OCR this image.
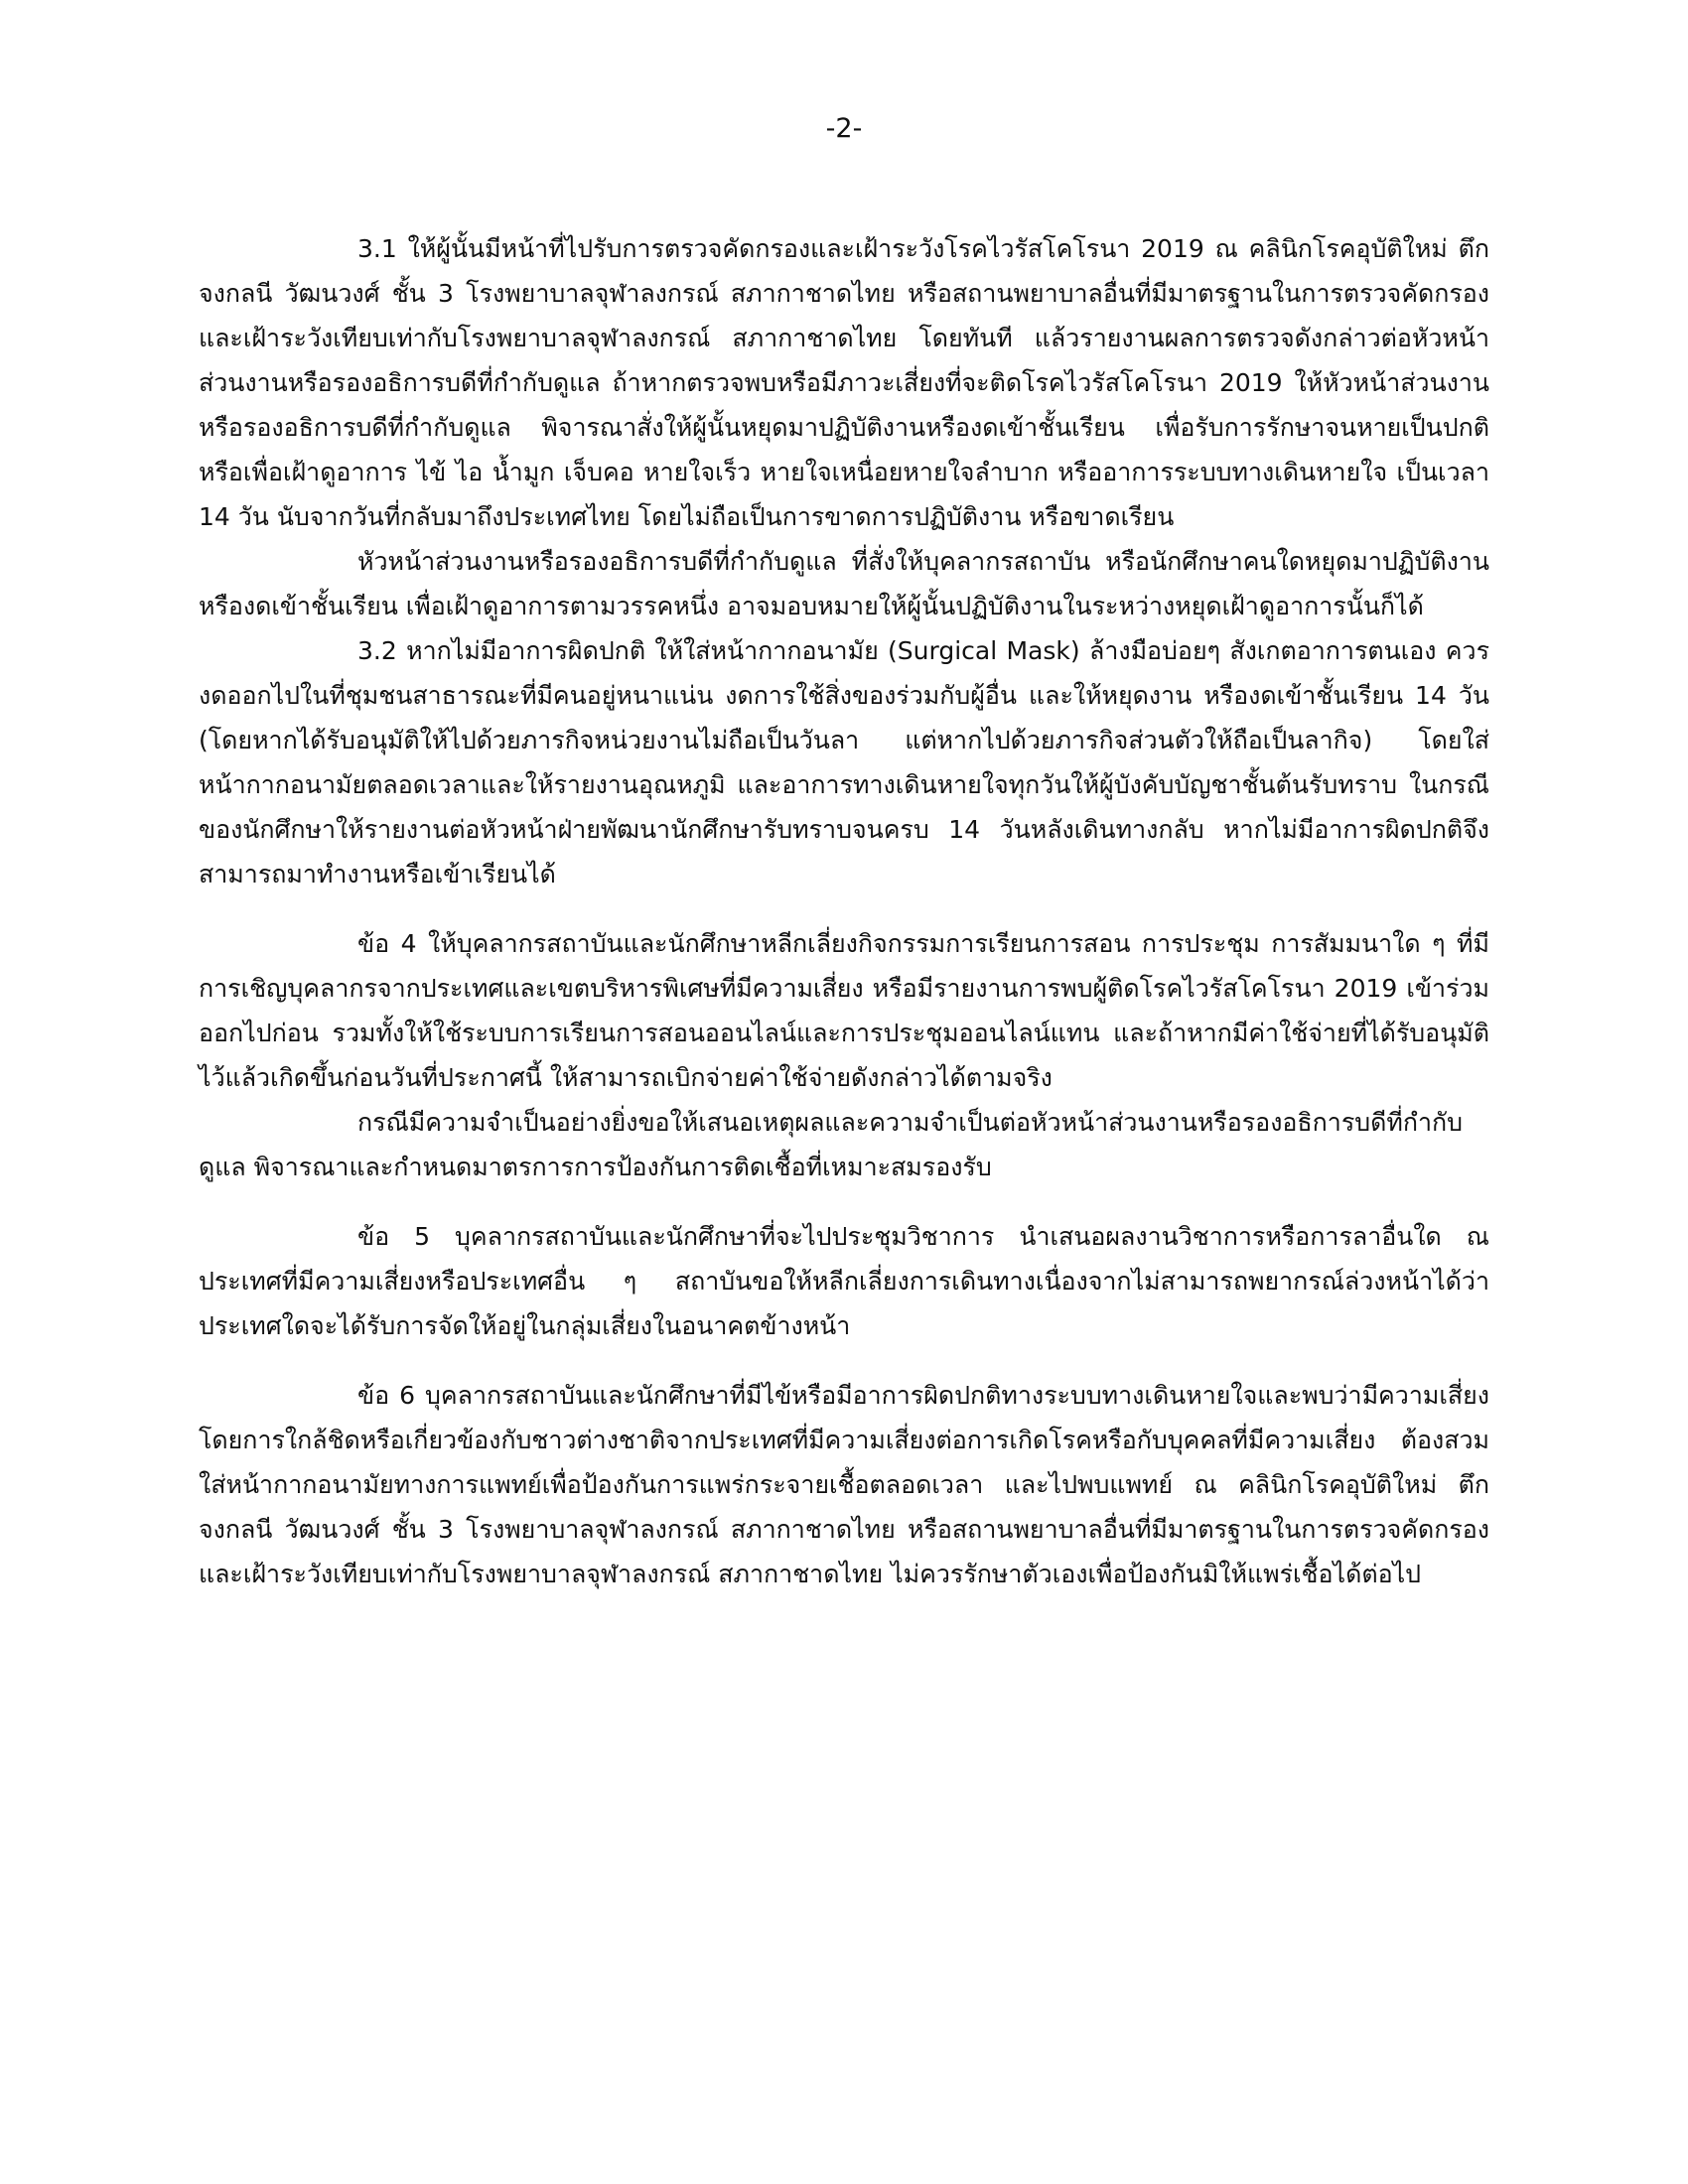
-2-

3.1 ให้ผู้นั้นมีหน้าที่ไปรับการตรวจคัดกรองและเฝ้าระวังโรคไวรัสโคโรนา 2019 ณ คลินิกโรคอุบัติใหม่ ตึกจงกลนี วัฒนวงศ์ ชั้น 3 โรงพยาบาลจุฬาลงกรณ์ สภากาชาดไทย หรือสถานพยาบาลอื่นที่มีมาตรฐานในการตรวจคัดกรองและเฝ้าระวังเทียบเท่ากับโรงพยาบาลจุฬาลงกรณ์ สภากาชาดไทย โดยทันที แล้วรายงานผลการตรวจดังกล่าวต่อหัวหน้าส่วนงานหรือรองอธิการบดีที่กำกับดูแล ถ้าหากตรวจพบหรือมีภาวะเสี่ยงที่จะติดโรคไวรัสโคโรนา 2019 ให้หัวหน้าส่วนงานหรือรองอธิการบดีที่กำกับดูแล พิจารณาสั่งให้ผู้นั้นหยุดมาปฏิบัติงานหรืองดเข้าชั้นเรียน เพื่อรับการรักษาจนหายเป็นปกติ หรือเพื่อเฝ้าดูอาการ ไข้ ไอ น้ำมูก เจ็บคอ หายใจเร็ว หายใจเหนื่อยหายใจลำบาก หรืออาการระบบทางเดินหายใจ เป็นเวลา 14 วัน นับจากวันที่กลับมาถึงประเทศไทย โดยไม่ถือเป็นการขาดการปฏิบัติงาน หรือขาดเรียน

หัวหน้าส่วนงานหรือรองอธิการบดีที่กำกับดูแล ที่สั่งให้บุคลากรสถาบัน หรือนักศึกษาคนใดหยุดมาปฏิบัติงานหรืองดเข้าชั้นเรียน เพื่อเฝ้าดูอาการตามวรรคหนึ่ง อาจมอบหมายให้ผู้นั้นปฏิบัติงานในระหว่างหยุดเฝ้าดูอาการนั้นก็ได้

3.2 หากไม่มีอาการผิดปกติ ให้ใส่หน้ากากอนามัย (Surgical Mask) ล้างมือบ่อยๆ สังเกตอาการตนเอง ควรงดออกไปในที่ชุมชนสาธารณะที่มีคนอยู่หนาแน่น งดการใช้สิ่งของร่วมกับผู้อื่น และให้หยุดงาน หรืองดเข้าชั้นเรียน 14 วัน (โดยหากได้รับอนุมัติให้ไปด้วยภารกิจหน่วยงานไม่ถือเป็นวันลา แต่หากไปด้วยภารกิจส่วนตัวให้ถือเป็นลากิจ) โดยใส่หน้ากากอนามัยตลอดเวลาและให้รายงานอุณหภูมิ และอาการทางเดินหายใจทุกวันให้ผู้บังคับบัญชาชั้นต้นรับทราบ ในกรณีของนักศึกษาให้รายงานต่อหัวหน้าฝ่ายพัฒนานักศึกษารับทราบจนครบ 14 วันหลังเดินทางกลับ หากไม่มีอาการผิดปกติจึงสามารถมาทำงานหรือเข้าเรียนได้

ข้อ 4 ให้บุคลากรสถาบันและนักศึกษาหลีกเลี่ยงกิจกรรมการเรียนการสอน การประชุม การสัมมนาใด ๆ ที่มีการเชิญบุคลากรจากประเทศและเขตบริหารพิเศษที่มีความเสี่ยง หรือมีรายงานการพบผู้ติดโรคไวรัสโคโรนา 2019 เข้าร่วมออกไปก่อน รวมทั้งให้ใช้ระบบการเรียนการสอนออนไลน์และการประชุมออนไลน์แทน และถ้าหากมีค่าใช้จ่ายที่ได้รับอนุมัติไว้แล้วเกิดขึ้นก่อนวันที่ประกาศนี้ ให้สามารถเบิกจ่ายค่าใช้จ่ายดังกล่าวได้ตามจริง

กรณีมีความจำเป็นอย่างยิ่งขอให้เสนอเหตุผลและความจำเป็นต่อหัวหน้าส่วนงานหรือรองอธิการบดีที่กำกับดูแล พิจารณาและกำหนดมาตรการการป้องกันการติดเชื้อที่เหมาะสมรองรับ

ข้อ 5 บุคลากรสถาบันและนักศึกษาที่จะไปประชุมวิชาการ นำเสนอผลงานวิชาการหรือการลาอื่นใด ณ ประเทศที่มีความเสี่ยงหรือประเทศอื่น ๆ สถาบันขอให้หลีกเลี่ยงการเดินทางเนื่องจากไม่สามารถพยากรณ์ล่วงหน้าได้ว่าประเทศใดจะได้รับการจัดให้อยู่ในกลุ่มเสี่ยงในอนาคตข้างหน้า

ข้อ 6 บุคลากรสถาบันและนักศึกษาที่มีไข้หรือมีอาการผิดปกติทางระบบทางเดินหายใจและพบว่ามีความเสี่ยงโดยการใกล้ชิดหรือเกี่ยวข้องกับชาวต่างชาติจากประเทศที่มีความเสี่ยงต่อการเกิดโรคหรือกับบุคคลที่มีความเสี่ยง ต้องสวมใส่หน้ากากอนามัยทางการแพทย์เพื่อป้องกันการแพร่กระจายเชื้อตลอดเวลา และไปพบแพทย์ ณ คลินิกโรคอุบัติใหม่ ตึกจงกลนี วัฒนวงศ์ ชั้น 3 โรงพยาบาลจุฬาลงกรณ์ สภากาชาดไทย หรือสถานพยาบาลอื่นที่มีมาตรฐานในการตรวจคัดกรองและเฝ้าระวังเทียบเท่ากับโรงพยาบาลจุฬาลงกรณ์ สภากาชาดไทย ไม่ควรรักษาตัวเองเพื่อป้องกันมิให้แพร่เชื้อได้ต่อไป
